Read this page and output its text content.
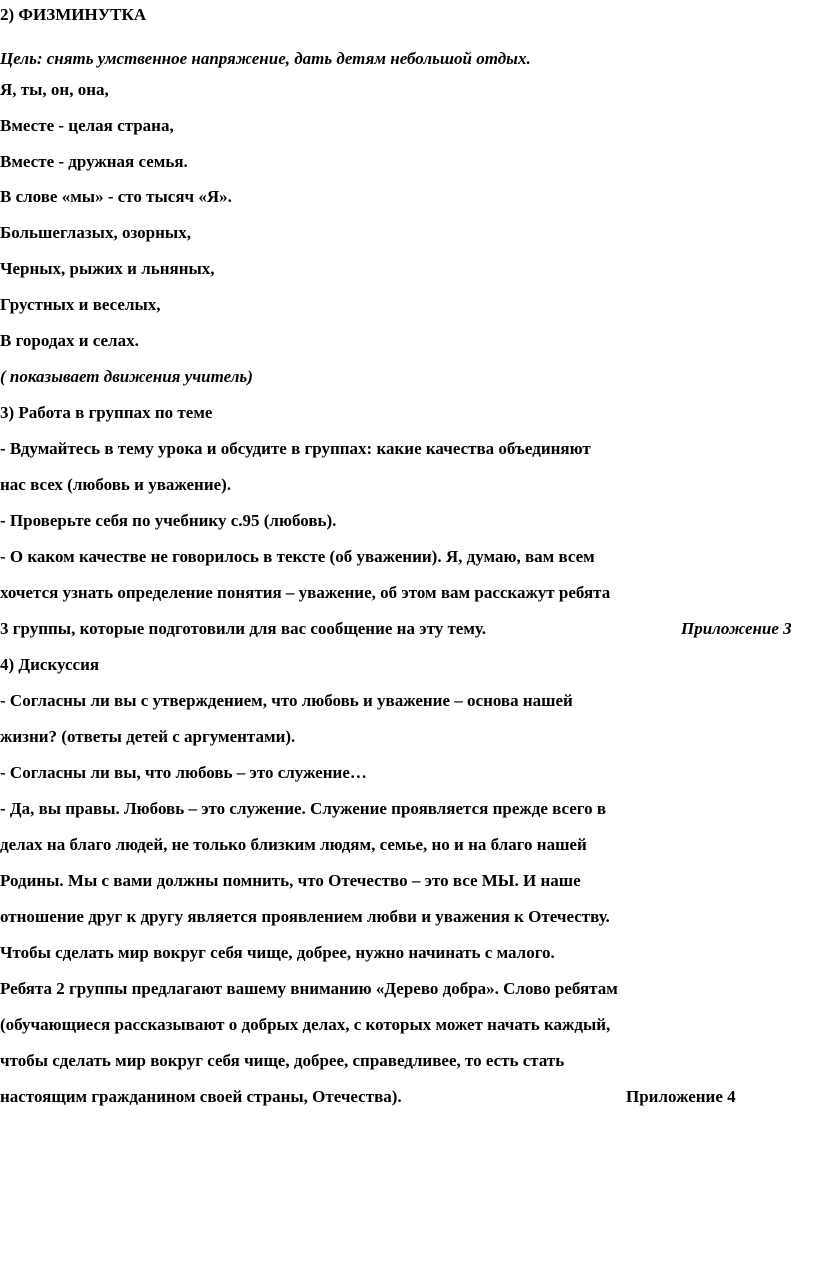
2) ФИЗМИНУТКА
Цель: снять умственное напряжение, дать детям небольшой отдых.
Я, ты, он, она,
Вместе - целая страна,
Вместе - дружная семья.
В слове «мы» - сто тысяч «Я».
Большеглазых, озорных,
Черных, рыжих и льняных,
Грустных и веселых,
В городах и селах.
( показывает движения учитель)
3) Работа в группах по теме
- Вдумайтесь в тему урока и обсудите в группах: какие качества объединяют
нас всех (любовь и уважение).
- Проверьте себя по учебнику с.95 (любовь).
- О каком качестве не говорилось в тексте (об уважении). Я, думаю, вам всем
хочется узнать определение понятия – уважение, об этом вам расскажут ребята
3 группы, которые подготовили для вас сообщение на эту тему.	Приложение 3
4) Дискуссия
- Согласны ли вы с утверждением, что любовь и уважение – основа нашей
жизни? (ответы детей с аргументами).
- Согласны ли вы, что любовь – это служение…
- Да, вы правы. Любовь – это служение. Служение проявляется прежде всего в
делах на благо людей, не только близким людям, семье, но и на благо нашей
Родины. Мы с вами должны помнить, что Отечество – это все МЫ. И наше
отношение друг к другу является проявлением любви и уважения к Отечеству.
Чтобы сделать мир вокруг себя чище, добрее, нужно начинать с малого.
Ребята 2 группы предлагают вашему вниманию «Дерево добра». Слово ребятам
(обучающиеся рассказывают о добрых делах, с которых может начать каждый,
чтобы сделать мир вокруг себя чище, добрее, справедливее, то есть стать
настоящим гражданином своей страны, Отечества).	Приложение 4
